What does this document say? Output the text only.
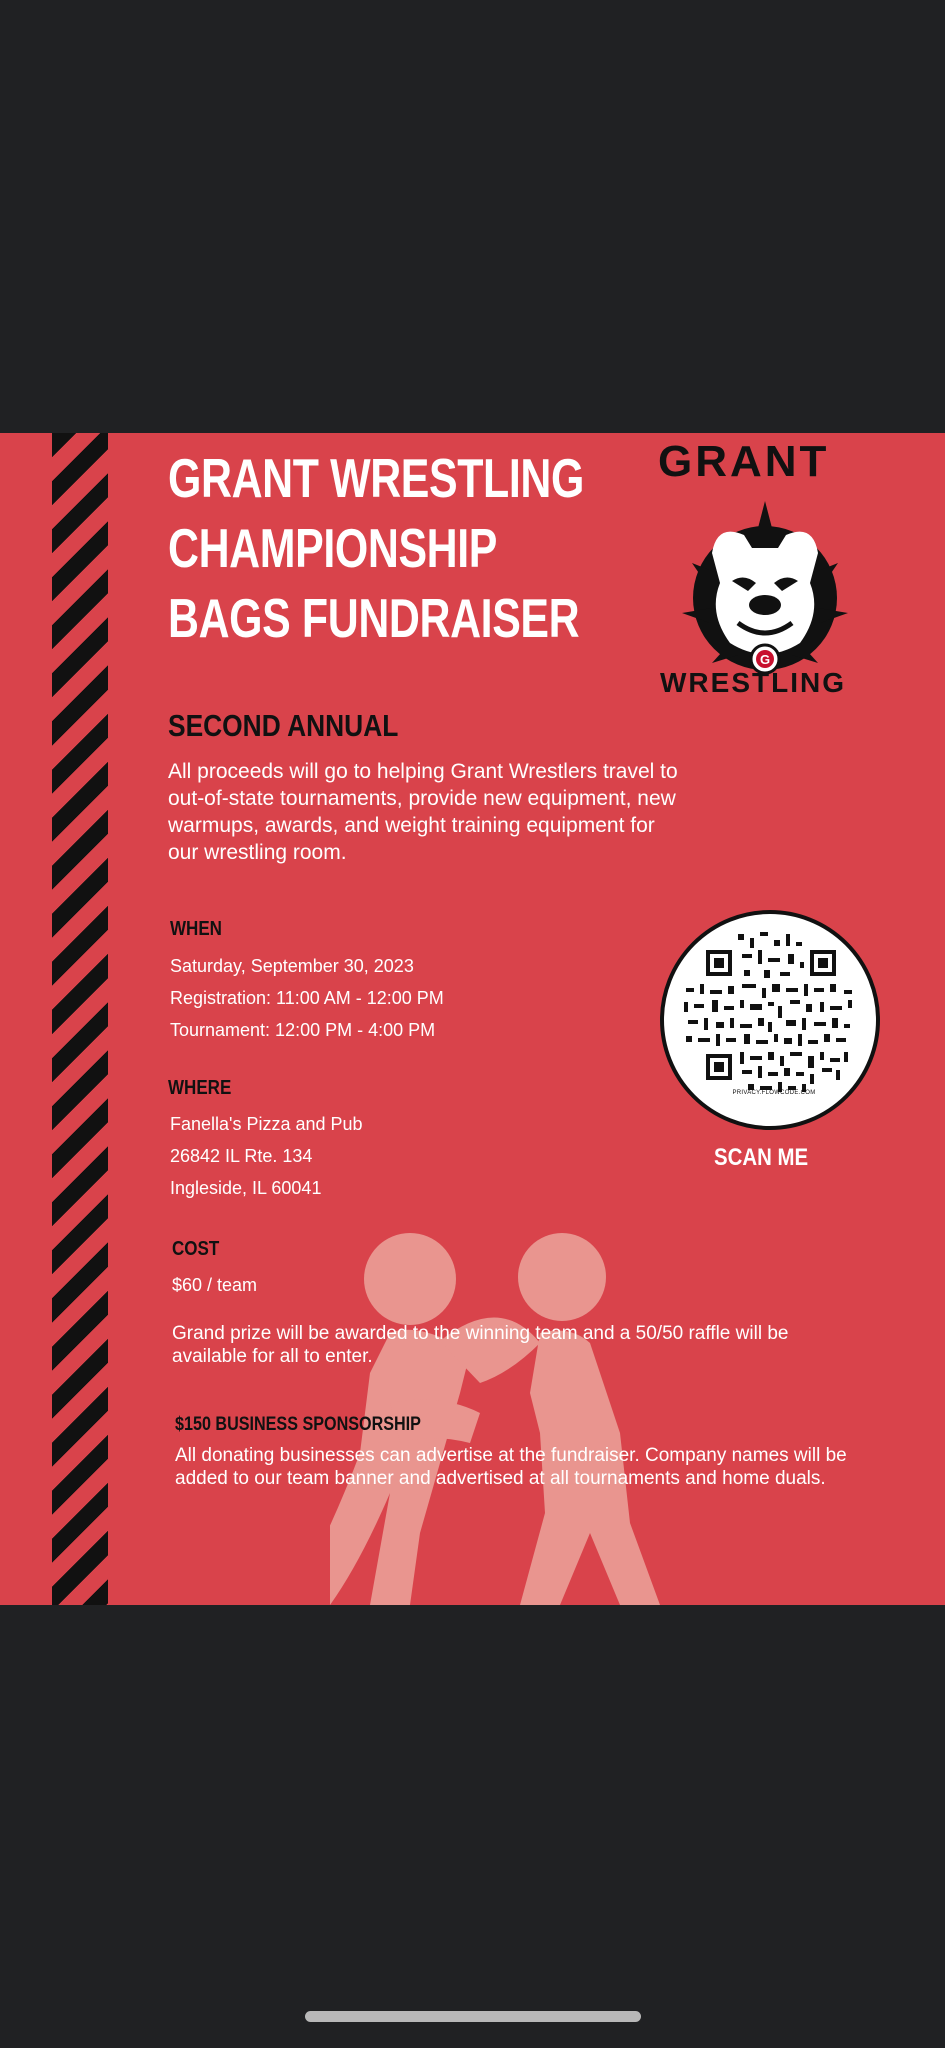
GRANT WRESTLING
CHAMPIONSHIP
BAGS FUNDRAISER
GRANT
G
WRESTLING
SECOND ANNUAL

All proceeds will go to helping Grant Wrestlers travel to out-of-state tournaments, provide new equipment, new warmups, awards, and weight training equipment for our wrestling room.

WHEN
Saturday, September 30, 2023
Registration: 11:00 AM - 12:00 PM
Tournament: 12:00 PM - 4:00 PM
WHERE
Fanella's Pizza and Pub
26842 IL Rte. 134
Ingleside, IL 60041
COST
$60 / team

Grand prize will be awarded to the winning team and a 50/50 raffle will be available for all to enter.

$150 BUSINESS SPONSORSHIP

All donating businesses can advertise at the fundraiser. Company names will be added to our team banner and advertised at all tournaments and home duals.

PRIVACY.FLOWCODE.COM
SCAN ME
